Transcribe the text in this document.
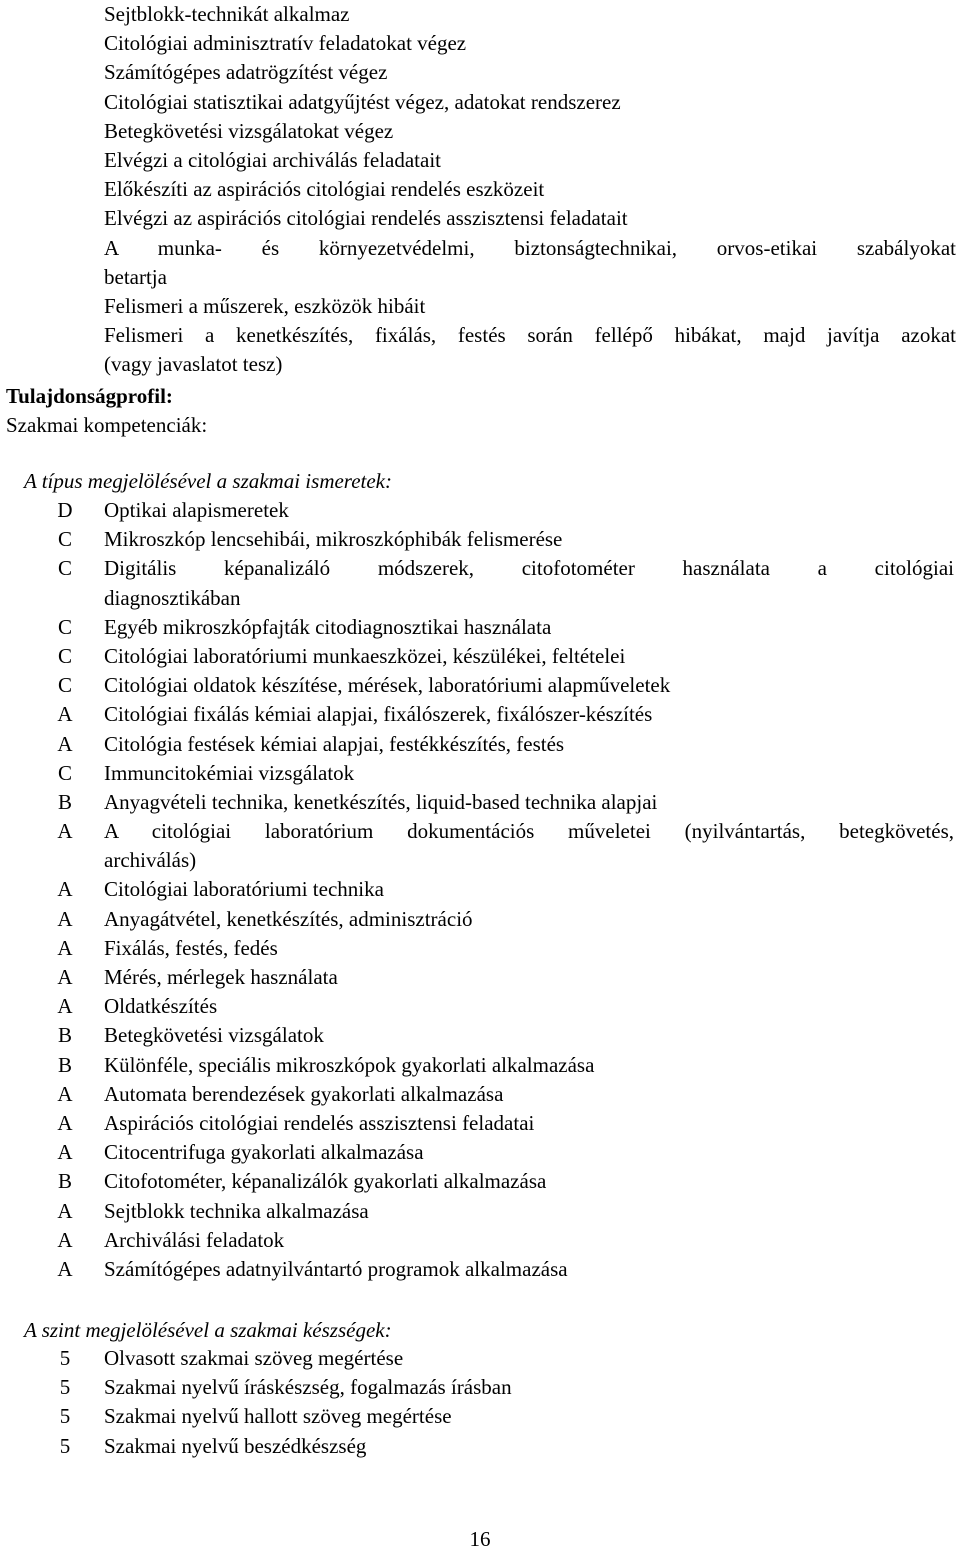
Sejtblokk-technikát alkalmaz
Citológiai adminisztratív feladatokat végez
Számítógépes adatrögzítést végez
Citológiai statisztikai adatgyűjtést végez, adatokat rendszerez
Betegkövetési vizsgálatokat végez
Elvégzi a citológiai archiválás feladatait
Előkészíti az aspirációs citológiai rendelés eszközeit
Elvégzi az aspirációs citológiai rendelés asszisztensi feladatait
A munka- és környezetvédelmi, biztonságtechnikai, orvos-etikai szabályokat
betartja
Felismeri a műszerek, eszközök hibáit
Felismeri a kenetkészítés, fixálás, festés során fellépő hibákat, majd javítja azokat
(vagy javaslatot tesz)
Tulajdonságprofil:
Szakmai kompetenciák:
A típus megjelölésével a szakmai ismeretek:
D Optikai alapismeretek
C Mikroszkóp lencsehibái, mikroszkóphibák felismerése
C Digitális képanalizáló módszerek, citofotométer használata a citológiai
diagnosztikában
C Egyéb mikroszkópfajták citodiagnosztikai használata
C Citológiai laboratóriumi munkaeszközei, készülékei, feltételei
C Citológiai oldatok készítése, mérések, laboratóriumi alapműveletek
A Citológiai fixálás kémiai alapjai, fixálószerek, fixálószer-készítés
A Citológia festések kémiai alapjai, festékkészítés, festés
C Immuncitokémiai vizsgálatok
B Anyagvételi technika, kenetkészítés, liquid-based technika alapjai
A A citológiai laboratórium dokumentációs műveletei (nyilvántartás, betegkövetés,
archiválás)
A Citológiai laboratóriumi technika
A Anyagátvétel, kenetkészítés, adminisztráció
A Fixálás, festés, fedés
A Mérés, mérlegek használata
A Oldatkészítés
B Betegkövetési vizsgálatok
B Különféle, speciális mikroszkópok gyakorlati alkalmazása
A Automata berendezések gyakorlati alkalmazása
A Aspirációs citológiai rendelés asszisztensi feladatai
A Citocentrifuga gyakorlati alkalmazása
B Citofotométer, képanalizálók gyakorlati alkalmazása
A Sejtblokk technika alkalmazása
A Archiválási feladatok
A Számítógépes adatnyilvántartó programok alkalmazása
A szint megjelölésével a szakmai készségek:
5	Olvasott szakmai szöveg megértése
5	Szakmai nyelvű íráskészség, fogalmazás írásban
5	Szakmai nyelvű hallott szöveg megértése
5	Szakmai nyelvű beszédkészség
16
